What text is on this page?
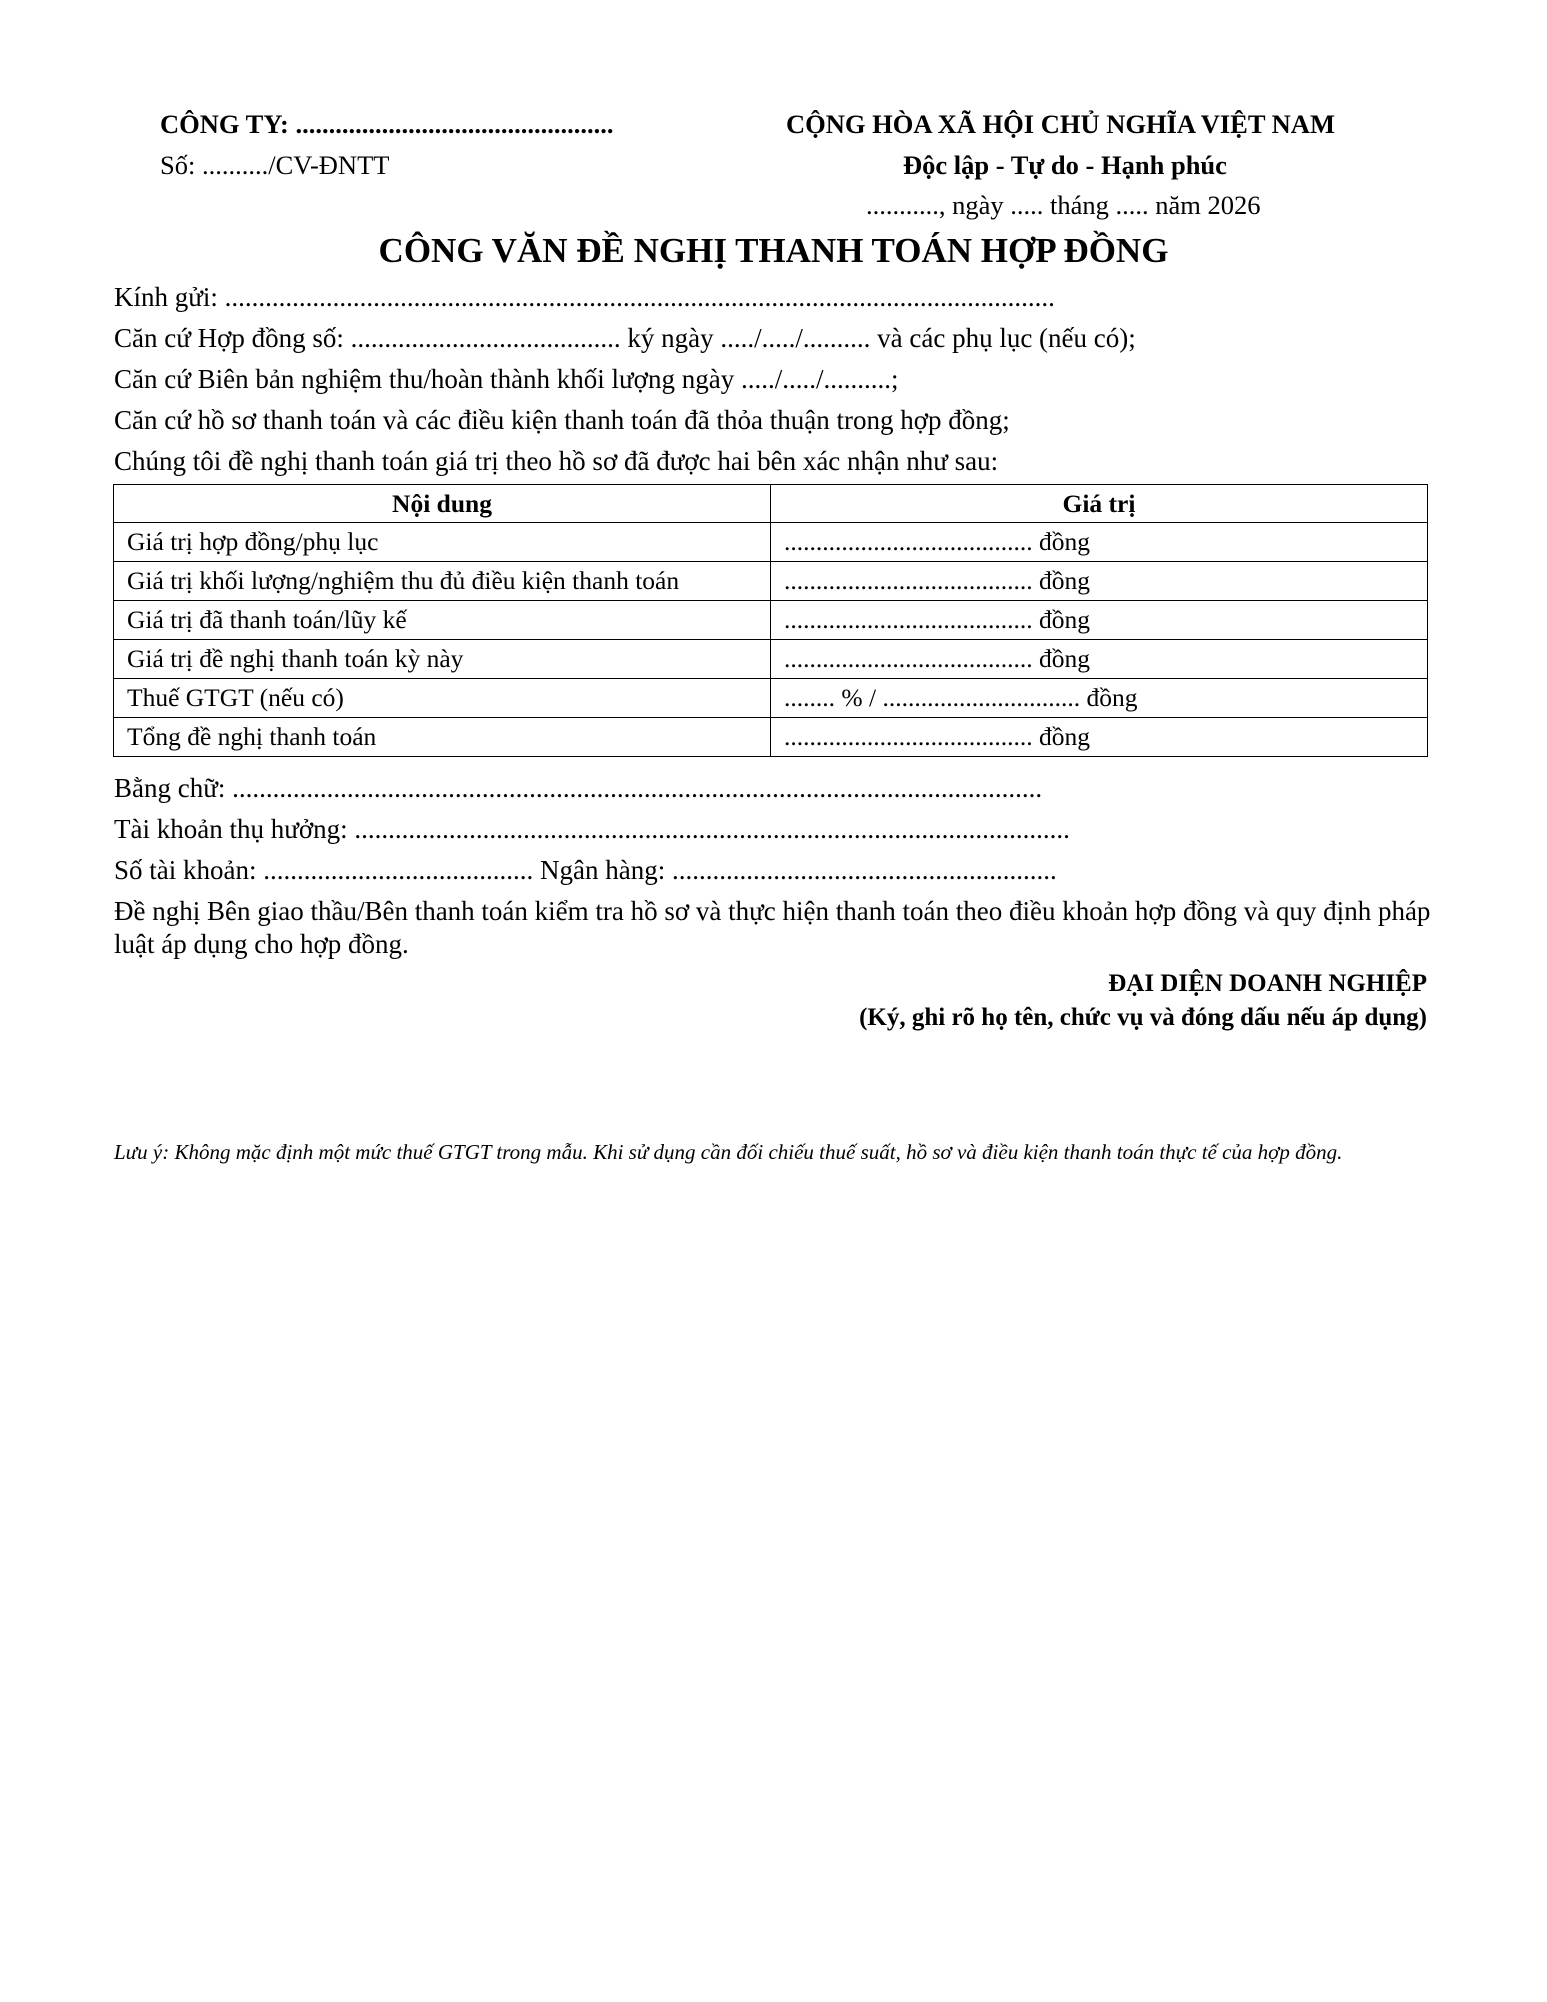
CÔNG TY: ................................................
Số: ........../CV-ĐNTT
CỘNG HÒA XÃ HỘI CHỦ NGHĨA VIỆT NAM
Độc lập - Tự do - Hạnh phúc
..........., ngày ..... tháng ..... năm 2026
CÔNG VĂN ĐỀ NGHỊ THANH TOÁN HỢP ĐỒNG
Kính gửi: ...........................................................................................................................
Căn cứ Hợp đồng số: ........................................ ký ngày ...../...../.......... và các phụ lục (nếu có);
Căn cứ Biên bản nghiệm thu/hoàn thành khối lượng ngày ...../...../..........;
Căn cứ hồ sơ thanh toán và các điều kiện thanh toán đã thỏa thuận trong hợp đồng;
Chúng tôi đề nghị thanh toán giá trị theo hồ sơ đã được hai bên xác nhận như sau:
Nội dung	Giá trị
Giá trị hợp đồng/phụ lục	....................................... đồng
Giá trị khối lượng/nghiệm thu đủ điều kiện thanh toán	....................................... đồng
Giá trị đã thanh toán/lũy kế	....................................... đồng
Giá trị đề nghị thanh toán kỳ này	....................................... đồng
Thuế GTGT (nếu có)	........ % / ............................... đồng
Tổng đề nghị thanh toán	....................................... đồng
Bằng chữ: ........................................................................................................................
Tài khoản thụ hưởng: ..........................................................................................................
Số tài khoản: ........................................ Ngân hàng: .........................................................
Đề nghị Bên giao thầu/Bên thanh toán kiểm tra hồ sơ và thực hiện thanh toán theo điều khoản hợp đồng và quy định pháp luật áp dụng cho hợp đồng.
ĐẠI DIỆN DOANH NGHIỆP
(Ký, ghi rõ họ tên, chức vụ và đóng dấu nếu áp dụng)
Lưu ý: Không mặc định một mức thuế GTGT trong mẫu. Khi sử dụng cần đối chiếu thuế suất, hồ sơ và điều kiện thanh toán thực tế của hợp đồng.
